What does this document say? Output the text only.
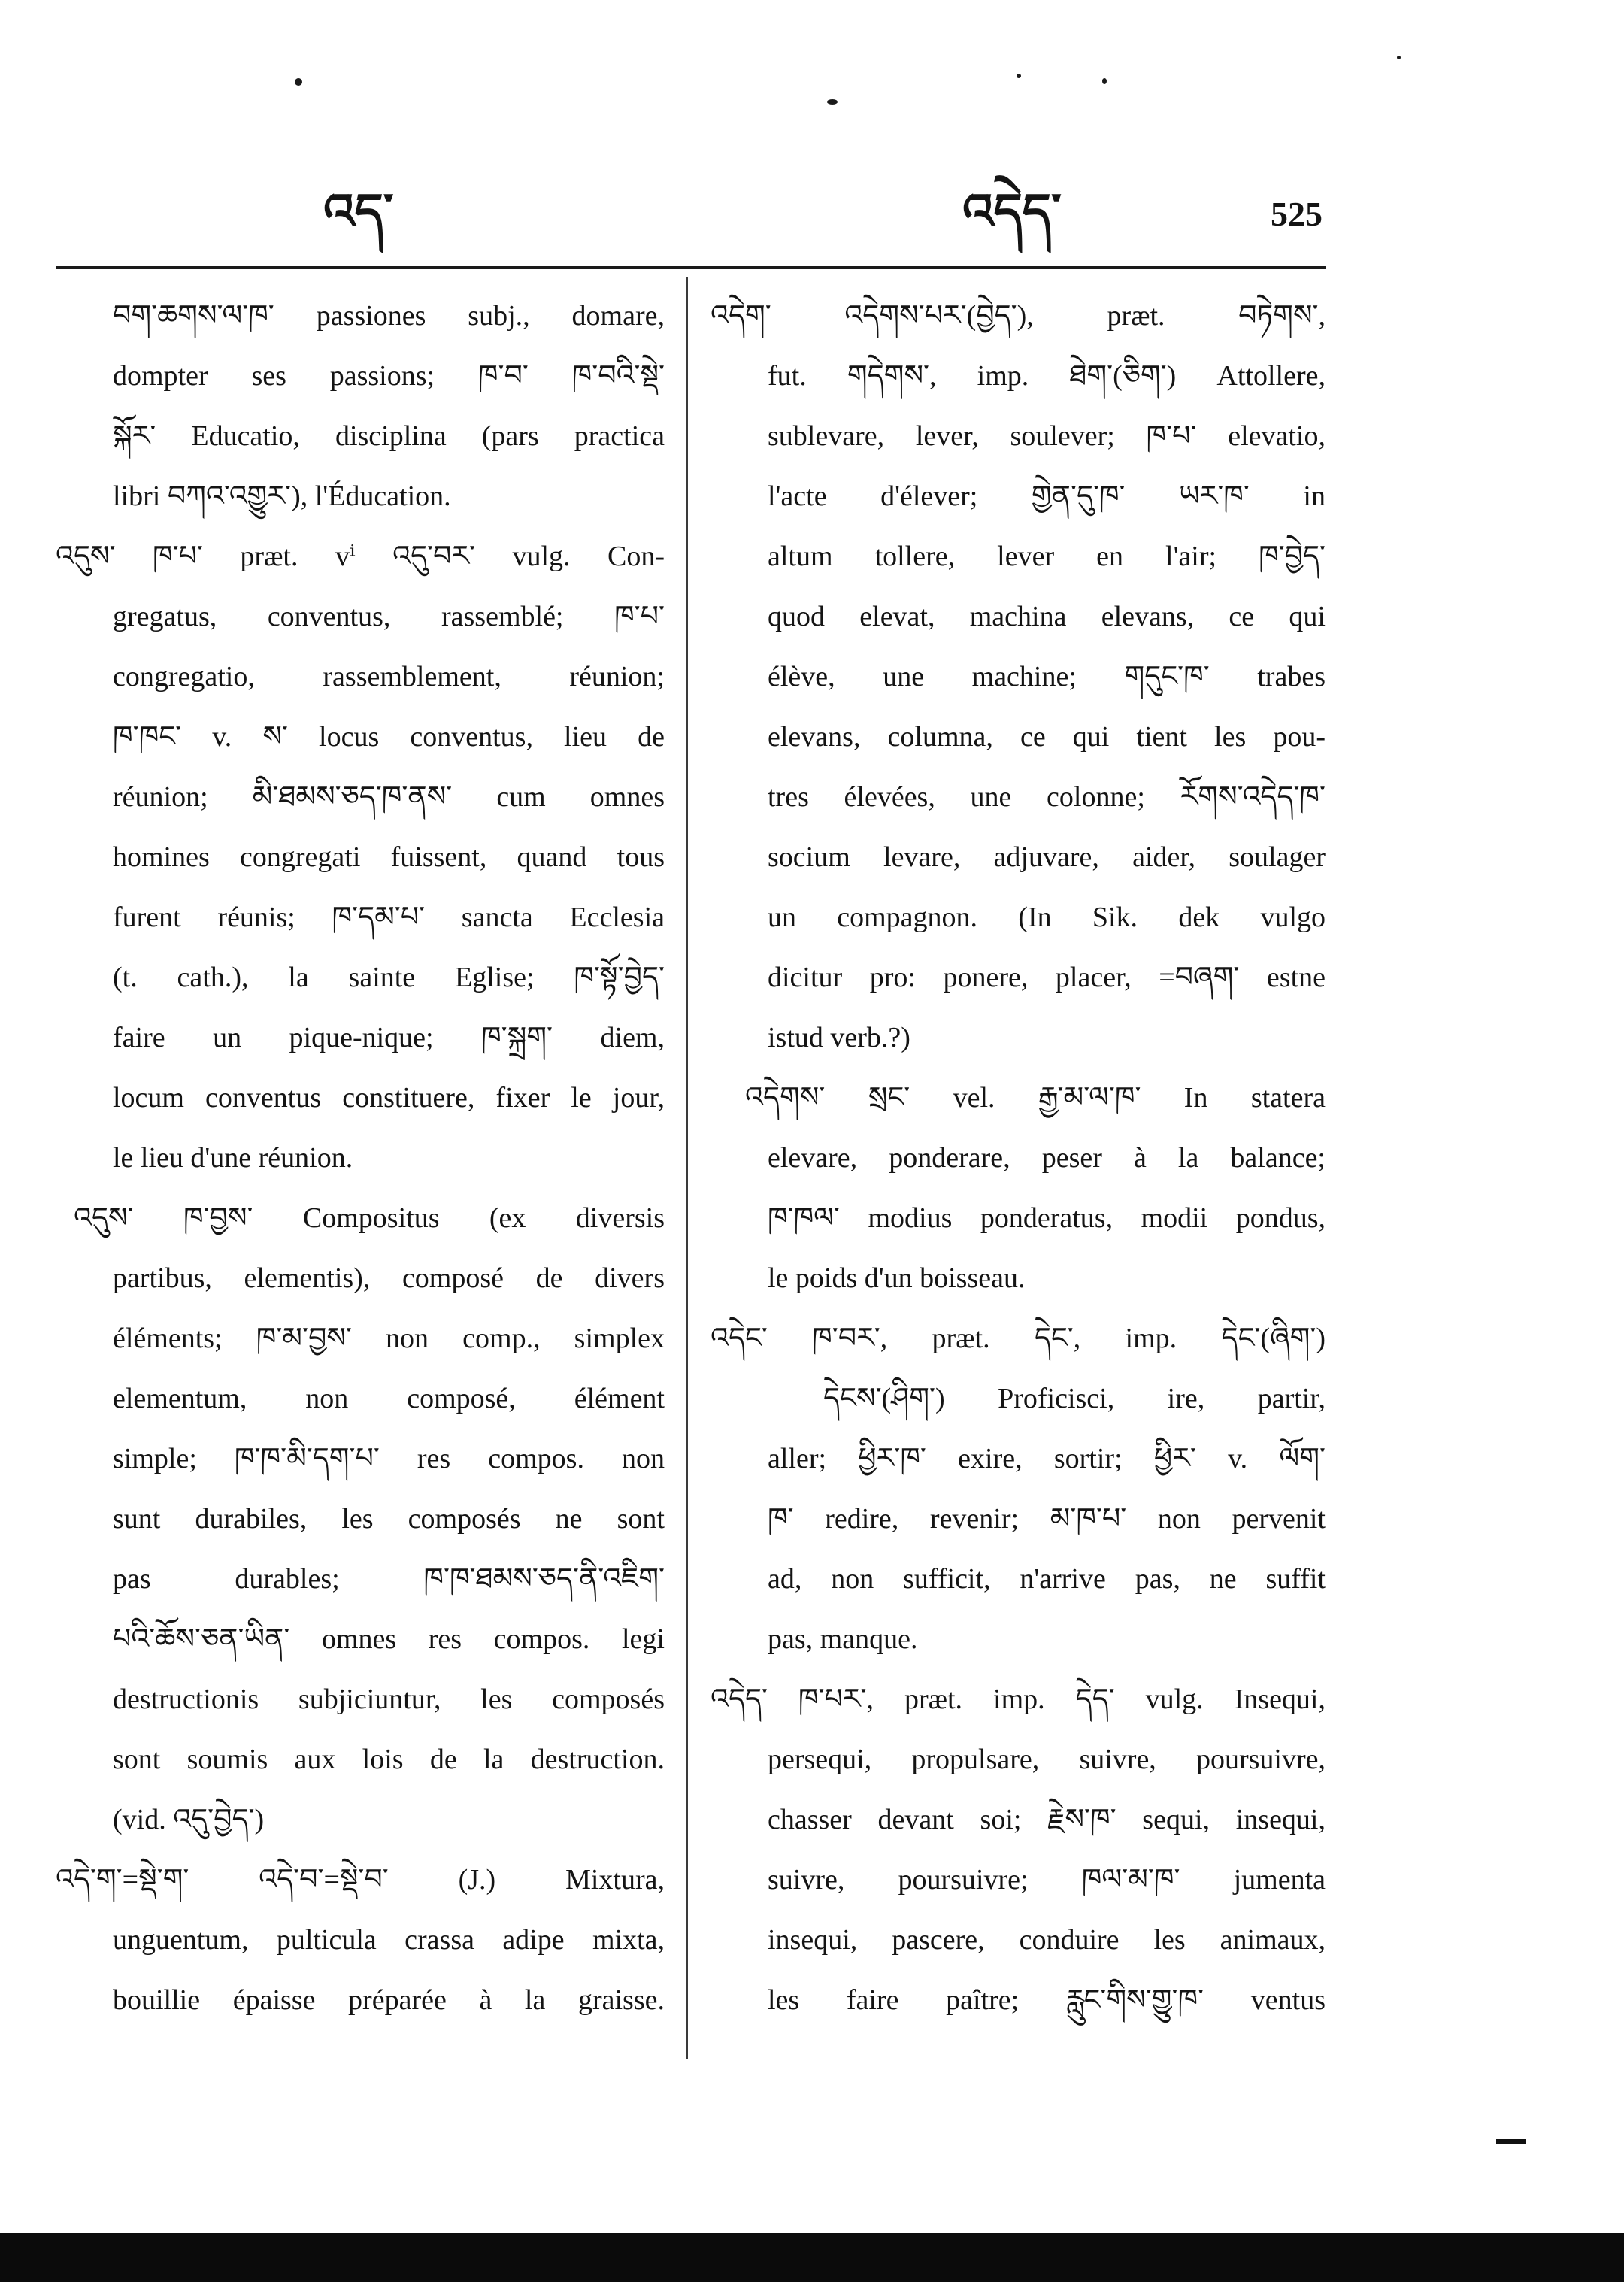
འད་	འདེད་	525
བག་ཆགས་ལ་ཁ་ passiones subj., domare,
dompter ses passions; ཁ་བ་ ཁ་བའི་སྡེ་
སྐོར་ Educatio, disciplina (pars practica
libri བཀའ་འགྱུར་), l'Éducation.
འདུས་ ཁ་པ་ præt. vⁱ འདུ་བར་ vulg. Con-
gregatus, conventus, rassemblé; ཁ་པ་
congregatio, rassemblement, réunion;
ཁ་ཁང་ v. ས་ locus conventus, lieu de
réunion; མི་ཐམས་ཅད་ཁ་ནས་ cum omnes
homines congregati fuissent, quand tous
furent réunis; ཁ་དམ་པ་ sancta Ecclesia
(t. cath.), la sainte Eglise; ཁ་སྟོ་བྱེད་
faire un pique-nique; ཁ་སྐྲག་ diem,
locum conventus constituere, fixer le jour,
le lieu d'une réunion.
འདུས་ ཁ་བྱས་ Compositus (ex diversis
partibus, elementis), composé de divers
éléments; ཁ་མ་བྱས་ non comp., simplex
elementum, non composé, élément
simple; ཁ་ཁ་མི་དག་པ་ res compos. non
sunt durabiles, les composés ne sont
pas durables; ཁ་ཁ་ཐམས་ཅད་ནི་འཇིག་
པའི་ཆོས་ཅན་ཡིན་ omnes res compos. legi
destructionis subjiciuntur, les composés
sont soumis aux lois de la destruction.
(vid. འདུ་བྱེད་)
འདེ་ག་=སྡེ་ག་ འདེ་བ་=སྡེ་བ་ (J.) Mixtura,
unguentum, pulticula crassa adipe mixta,
bouillie épaisse préparée à la graisse.
འདེག་ འདེགས་པར་(བྱེད་), præt. བཏེགས་,
fut. གདེགས་, imp. ཐེག་(ཅིག་) Attollere,
sublevare, lever, soulever; ཁ་པ་ elevatio,
l'acte d'élever; གྱེན་དུ་ཁ་ ཡར་ཁ་ in
altum tollere, lever en l'air; ཁ་བྱེད་
quod elevat, machina elevans, ce qui
élève, une machine; གདུང་ཁ་ trabes
elevans, columna, ce qui tient les pou-
tres élevées, une colonne; རོགས་འདེད་ཁ་
socium levare, adjuvare, aider, soulager
un compagnon. (In Sik. dek vulgo
dicitur pro: ponere, placer, =བཞག་ estne
istud verb.?)
འདེགས་ སྲང་ vel. རྒྱ་མ་ལ་ཁ་ In statera
elevare, ponderare, peser à la balance;
ཁ་ཁལ་ modius ponderatus, modii pondus,
le poids d'un boisseau.
འདེང་ ཁ་བར་, præt. དེང་, imp. དེང་(ཞིག་)
དེངས་(ཤིག་) Proficisci, ire, partir,
aller; ཕྱིར་ཁ་ exire, sortir; ཕྱིར་ v. ལོག་
ཁ་ redire, revenir; མ་ཁ་པ་ non pervenit
ad, non sufficit, n'arrive pas, ne suffit
pas, manque.
འདེད་ ཁ་པར་, præt. imp. དེད་ vulg. Insequi,
persequi, propulsare, suivre, poursuivre,
chasser devant soi; རྗེས་ཁ་ sequi, insequi,
suivre, poursuivre; ཁལ་མ་ཁ་ jumenta
insequi, pascere, conduire les animaux,
les faire paître; རླུང་གིས་གྱུ་ཁ་ ventus
